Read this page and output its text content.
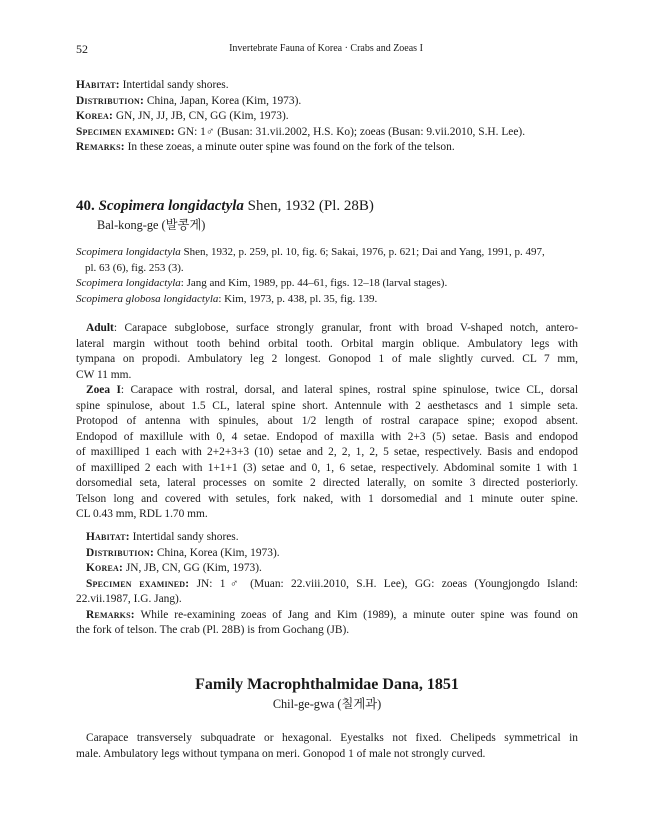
52	Invertebrate Fauna of Korea · Crabs and Zoeas I
Habitat: Intertidal sandy shores.
Distribution: China, Japan, Korea (Kim, 1973).
Korea: GN, JN, JJ, JB, CN, GG (Kim, 1973).
Specimen examined: GN: 1♂ (Busan: 31.vii.2002, H.S. Ko); zoeas (Busan: 9.vii.2010, S.H. Lee).
Remarks: In these zoeas, a minute outer spine was found on the fork of the telson.
40. Scopimera longidactyla Shen, 1932 (Pl. 28B)
Bal-kong-ge (발콩게)
Scopimera longidactyla Shen, 1932, p. 259, pl. 10, fig. 6; Sakai, 1976, p. 621; Dai and Yang, 1991, p. 497,
pl. 63 (6), fig. 253 (3).
Scopimera longidactyla: Jang and Kim, 1989, pp. 44–61, figs. 12–18 (larval stages).
Scopimera globosa longidactyla: Kim, 1973, p. 438, pl. 35, fig. 139.
Adult: Carapace subglobose, surface strongly granular, front with broad V-shaped notch, antero-
lateral margin without tooth behind orbital tooth. Orbital margin oblique. Ambulatory legs with
tympana on propodi. Ambulatory leg 2 longest. Gonopod 1 of male slightly curved. CL 7 mm,
CW 11 mm.
Zoea I: Carapace with rostral, dorsal, and lateral spines, rostral spine spinulose, twice CL, dorsal
spine spinulose, about 1.5 CL, lateral spine short. Antennule with 2 aesthetascs and 1 simple seta.
Protopod of antenna with spinules, about 1/2 length of rostral carapace spine; exopod absent.
Endopod of maxillule with 0, 4 setae. Endopod of maxilla with 2+3 (5) setae. Basis and endopod
of maxilliped 1 each with 2+2+3+3 (10) setae and 2, 2, 1, 2, 5 setae, respectively. Basis and endopod
of maxilliped 2 each with 1+1+1 (3) setae and 0, 1, 6 setae, respectively. Abdominal somite 1 with 1
dorsomedial seta, lateral processes on somite 2 directed laterally, on somite 3 directed posteriorly.
Telson long and covered with setules, fork naked, with 1 dorsomedial and 1 minute outer spine.
CL 0.43 mm, RDL 1.70 mm.
Habitat: Intertidal sandy shores.
Distribution: China, Korea (Kim, 1973).
Korea: JN, JB, CN, GG (Kim, 1973).
Specimen examined: JN: 1♂ (Muan: 22.viii.2010, S.H. Lee), GG: zoeas (Youngjongdo Island:
22.vii.1987, I.G. Jang).
Remarks: While re-examining zoeas of Jang and Kim (1989), a minute outer spine was found on
the fork of telson. The crab (Pl. 28B) is from Gochang (JB).
Family Macrophthalmidae Dana, 1851
Chil-ge-gwa (칠게과)
Carapace transversely subquadrate or hexagonal. Eyestalks not fixed. Chelipeds symmetrical in
male. Ambulatory legs without tympana on meri. Gonopod 1 of male not strongly curved.
